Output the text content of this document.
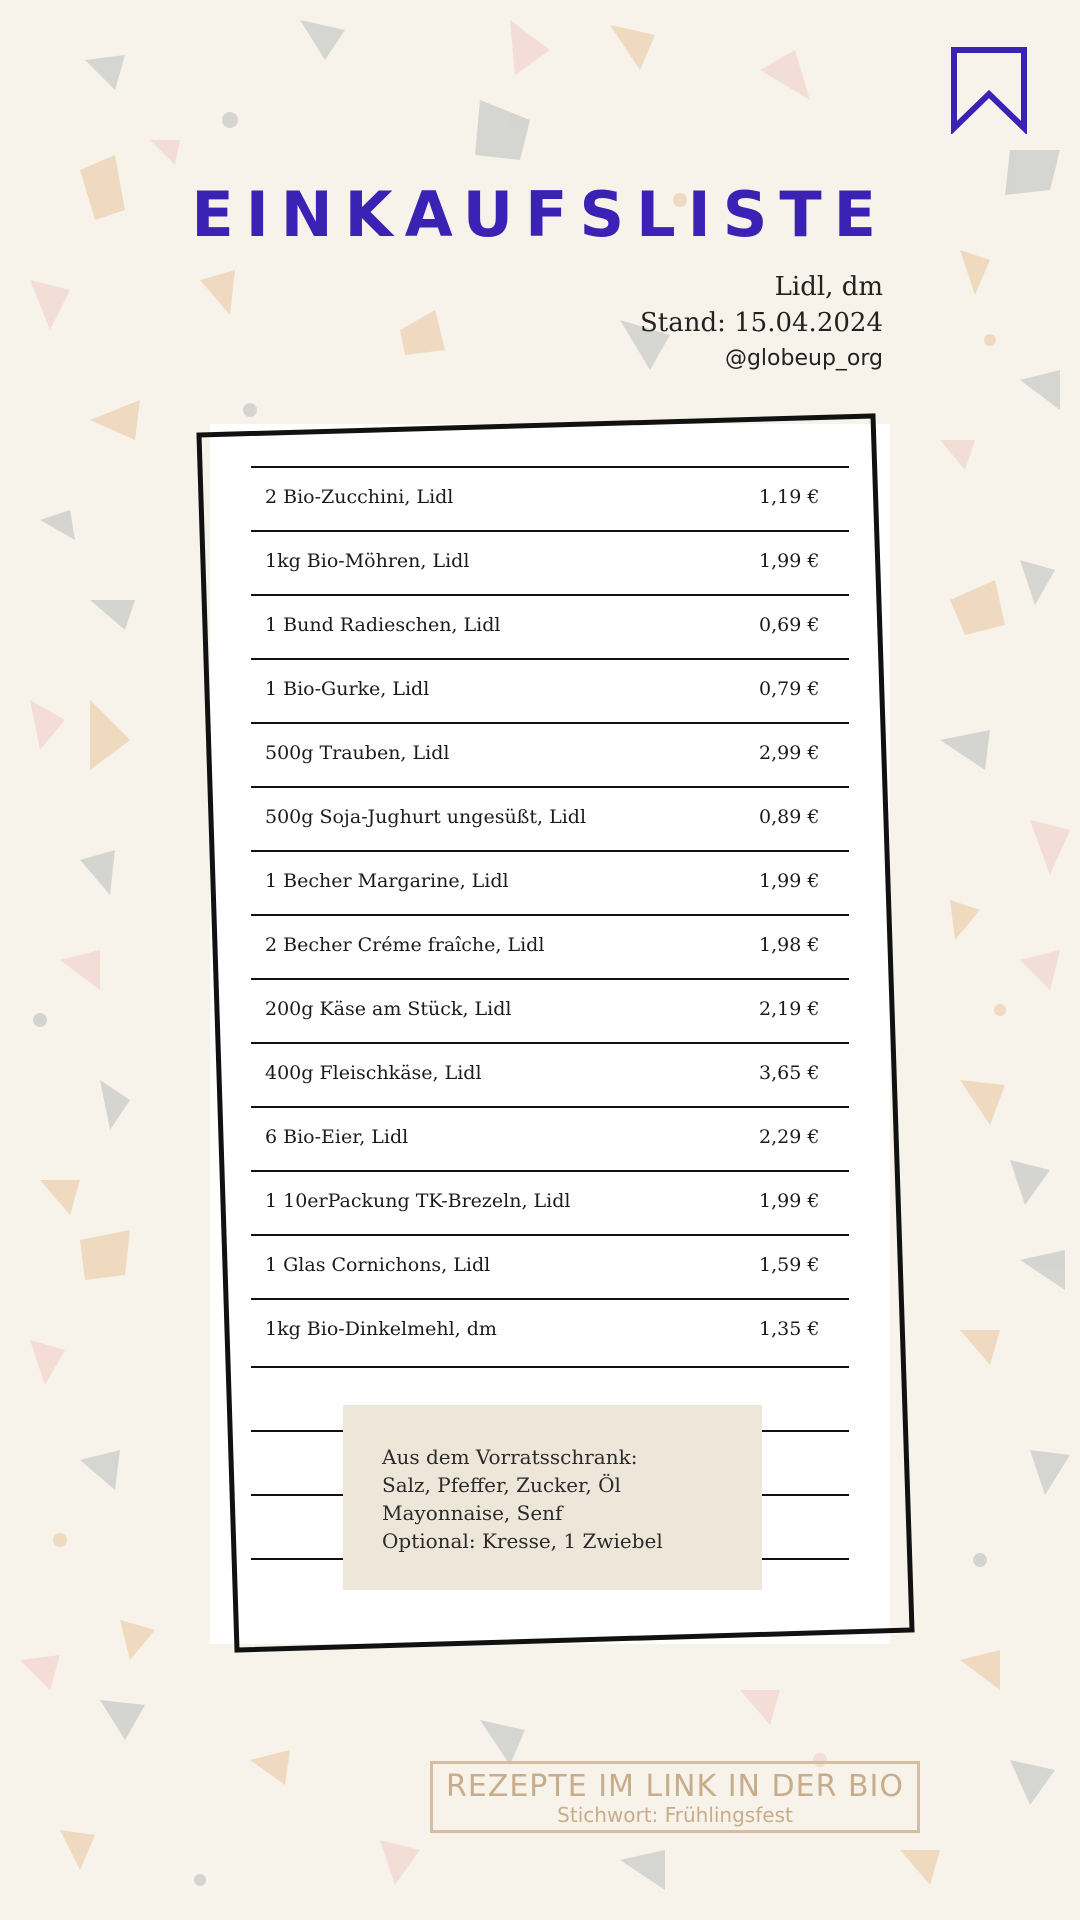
EINKAUFSLISTE
Lidl, dm
Stand: 15.04.2024
@globeup_org
2 Bio-Zucchini, Lidl	1,19 €
1kg Bio-Möhren, Lidl	1,99 €
1 Bund Radieschen, Lidl	0,69 €
1 Bio-Gurke, Lidl	0,79 €
500g Trauben, Lidl	2,99 €
500g Soja-Jughurt ungesüßt, Lidl	0,89 €
1 Becher Margarine, Lidl	1,99 €
2 Becher Créme fraîche, Lidl	1,98 €
200g Käse am Stück, Lidl	2,19 €
400g Fleischkäse, Lidl	3,65 €
6 Bio-Eier, Lidl	2,29 €
1 10erPackung TK-Brezeln, Lidl	1,99 €
1 Glas Cornichons, Lidl	1,59 €
1kg Bio-Dinkelmehl, dm	1,35 €
Aus dem Vorratsschrank:
Salz, Pfeffer, Zucker, Öl
Mayonnaise, Senf
Optional: Kresse, 1 Zwiebel
REZEPTE IM LINK IN DER BIO
Stichwort: Frühlingsfest
